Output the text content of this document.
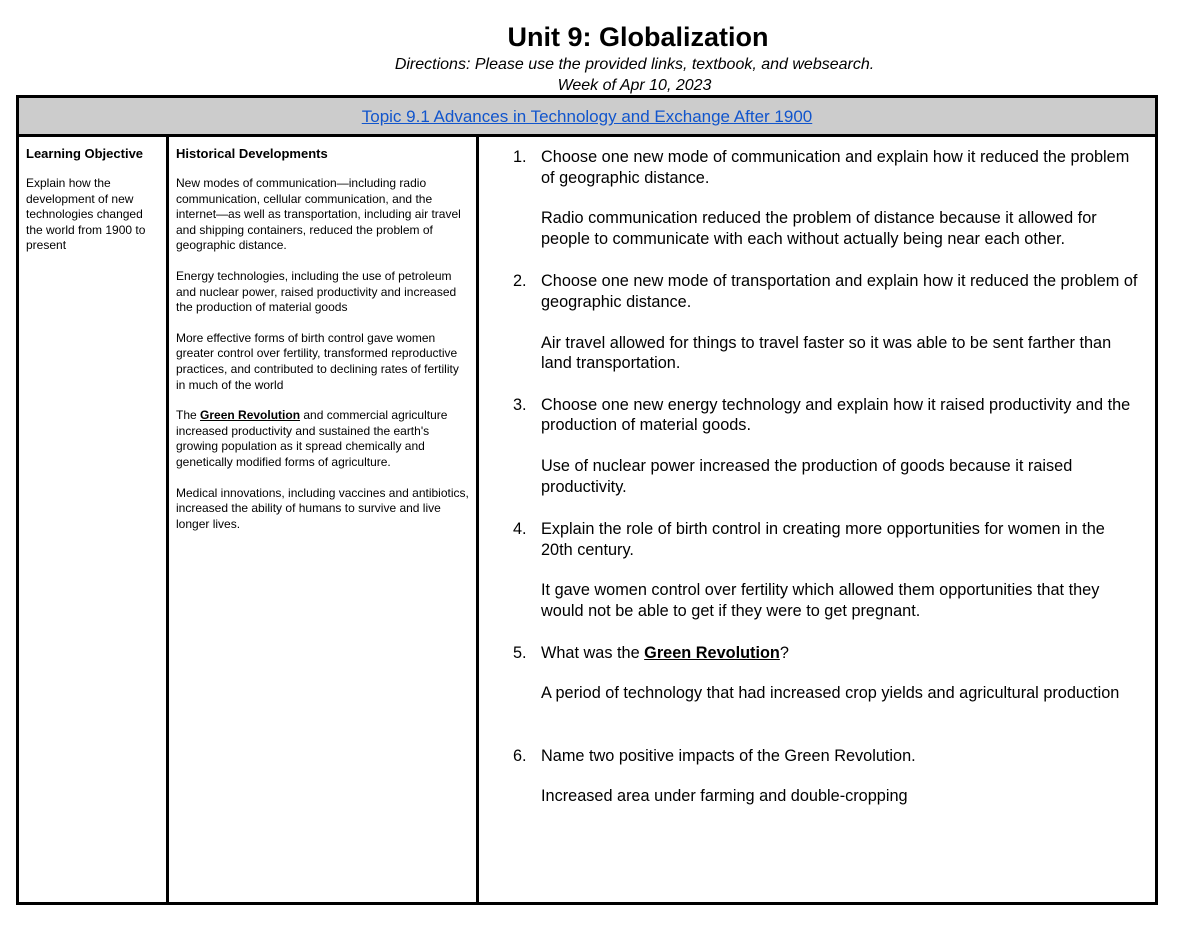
Unit 9: Globalization
Directions: Please use the provided links, textbook, and websearch.
Week of Apr 10, 2023
Topic 9.1 Advances in Technology and Exchange After 1900
Learning Objective
Explain how the development of new technologies changed the world from 1900 to present
Historical Developments

New modes of communication—including radio communication, cellular communication, and the internet—as well as transportation, including air travel and shipping containers, reduced the problem of geographic distance.

Energy technologies, including the use of petroleum and nuclear power, raised productivity and increased the production of material goods

More effective forms of birth control gave women greater control over fertility, transformed reproductive practices, and contributed to declining rates of fertility in much of the world

The Green Revolution and commercial agriculture increased productivity and sustained the earth's growing population as it spread chemically and genetically modified forms of agriculture.

Medical innovations, including vaccines and antibiotics, increased the ability of humans to survive and live longer lives.

1. Choose one new mode of communication and explain how it reduced the problem of geographic distance.
Radio communication reduced the problem of distance because it allowed for people to communicate with each without actually being near each other.
2. Choose one new mode of transportation and explain how it reduced the problem of geographic distance.
Air travel allowed for things to travel faster so it was able to be sent farther than land transportation.
3. Choose one new energy technology and explain how it raised productivity and the production of material goods.
Use of nuclear power increased the production of goods because it raised productivity.
4. Explain the role of birth control in creating more opportunities for women in the 20th century.
It gave women control over fertility which allowed them opportunities that they would not be able to get if they were to get pregnant.
5. What was the Green Revolution?
A period of technology that had increased crop yields and agricultural production
6. Name two positive impacts of the Green Revolution.
Increased area under farming and double-cropping
